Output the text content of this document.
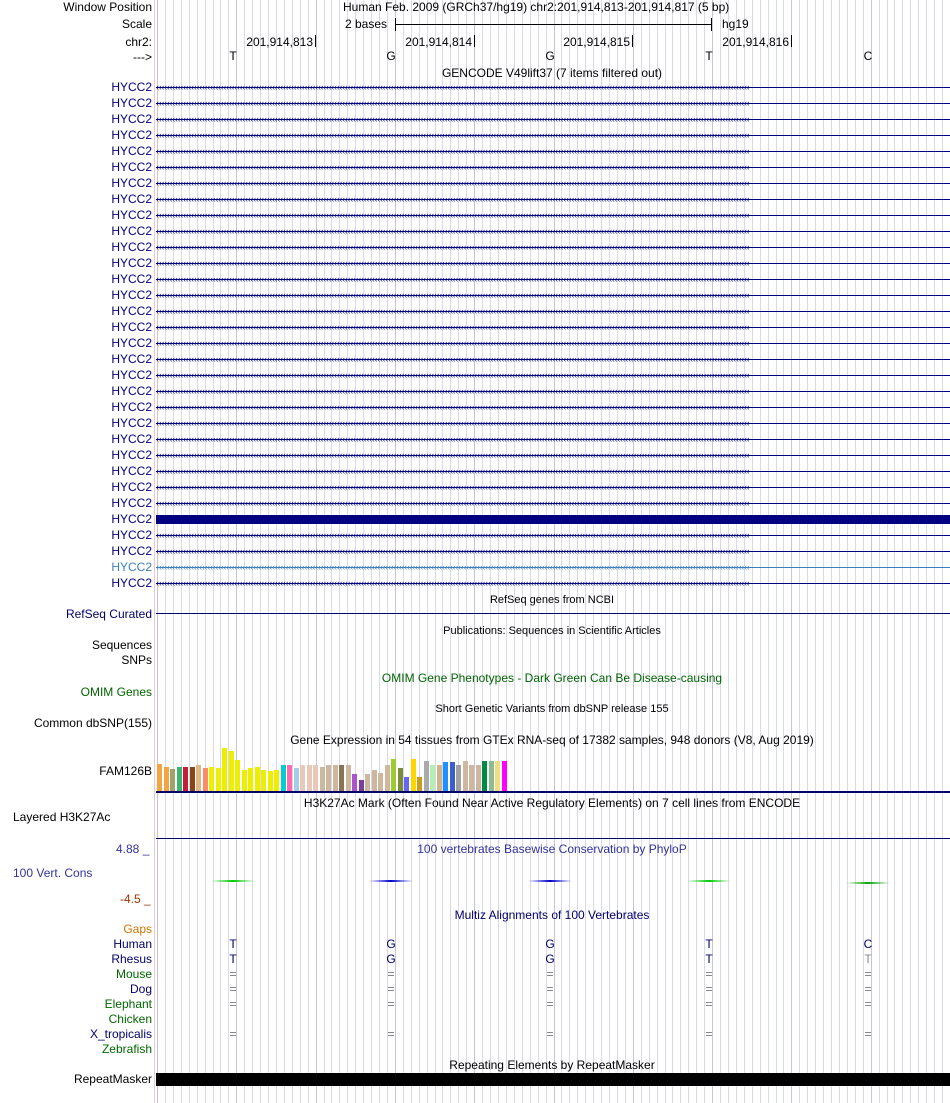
Window Position	Human Feb. 2009 (GRCh37/hg19) chr2:201,914,813-201,914,817 (5 bp)
Scale	2 bases	hg19
chr2:	201,914,813	201,914,814	201,914,815	201,914,816
--->	T	G	G	T	C
GENCODE V49lift37 (7 items filtered out)
HYCC2 ‹‹‹‹‹‹‹‹‹‹‹‹‹‹‹‹‹‹‹‹‹‹‹‹‹‹‹‹‹‹‹‹‹‹‹‹‹‹‹‹‹‹‹‹‹‹‹‹‹‹‹‹‹‹‹‹‹‹‹‹‹‹‹‹‹‹‹‹‹‹‹‹‹‹‹‹‹‹‹‹‹‹‹‹‹‹‹‹‹‹‹‹‹‹‹‹‹‹‹‹‹‹‹‹‹‹‹‹‹‹‹‹‹‹‹‹‹‹‹‹‹‹‹‹‹‹‹‹‹‹‹‹‹‹‹‹‹‹‹‹‹‹‹‹‹‹‹‹‹‹‹‹‹‹‹‹‹‹‹‹‹‹‹‹‹‹‹‹‹‹‹‹‹‹‹‹‹‹‹‹‹‹‹‹‹‹‹‹‹‹‹‹‹‹‹‹‹‹‹‹‹‹‹‹‹‹‹‹‹‹‹‹‹‹‹‹‹‹‹‹
HYCC2 ‹‹‹‹‹‹‹‹‹‹‹‹‹‹‹‹‹‹‹‹‹‹‹‹‹‹‹‹‹‹‹‹‹‹‹‹‹‹‹‹‹‹‹‹‹‹‹‹‹‹‹‹‹‹‹‹‹‹‹‹‹‹‹‹‹‹‹‹‹‹‹‹‹‹‹‹‹‹‹‹‹‹‹‹‹‹‹‹‹‹‹‹‹‹‹‹‹‹‹‹‹‹‹‹‹‹‹‹‹‹‹‹‹‹‹‹‹‹‹‹‹‹‹‹‹‹‹‹‹‹‹‹‹‹‹‹‹‹‹‹‹‹‹‹‹‹‹‹‹‹‹‹‹‹‹‹‹‹‹‹‹‹‹‹‹‹‹‹‹‹‹‹‹‹‹‹‹‹‹‹‹‹‹‹‹‹‹‹‹‹‹‹‹‹‹‹‹‹‹‹‹‹‹‹‹‹‹‹‹‹‹‹‹‹‹‹‹‹‹‹
HYCC2 ‹‹‹‹‹‹‹‹‹‹‹‹‹‹‹‹‹‹‹‹‹‹‹‹‹‹‹‹‹‹‹‹‹‹‹‹‹‹‹‹‹‹‹‹‹‹‹‹‹‹‹‹‹‹‹‹‹‹‹‹‹‹‹‹‹‹‹‹‹‹‹‹‹‹‹‹‹‹‹‹‹‹‹‹‹‹‹‹‹‹‹‹‹‹‹‹‹‹‹‹‹‹‹‹‹‹‹‹‹‹‹‹‹‹‹‹‹‹‹‹‹‹‹‹‹‹‹‹‹‹‹‹‹‹‹‹‹‹‹‹‹‹‹‹‹‹‹‹‹‹‹‹‹‹‹‹‹‹‹‹‹‹‹‹‹‹‹‹‹‹‹‹‹‹‹‹‹‹‹‹‹‹‹‹‹‹‹‹‹‹‹‹‹‹‹‹‹‹‹‹‹‹‹‹‹‹‹‹‹‹‹‹‹‹‹‹‹‹‹‹
HYCC2 ‹‹‹‹‹‹‹‹‹‹‹‹‹‹‹‹‹‹‹‹‹‹‹‹‹‹‹‹‹‹‹‹‹‹‹‹‹‹‹‹‹‹‹‹‹‹‹‹‹‹‹‹‹‹‹‹‹‹‹‹‹‹‹‹‹‹‹‹‹‹‹‹‹‹‹‹‹‹‹‹‹‹‹‹‹‹‹‹‹‹‹‹‹‹‹‹‹‹‹‹‹‹‹‹‹‹‹‹‹‹‹‹‹‹‹‹‹‹‹‹‹‹‹‹‹‹‹‹‹‹‹‹‹‹‹‹‹‹‹‹‹‹‹‹‹‹‹‹‹‹‹‹‹‹‹‹‹‹‹‹‹‹‹‹‹‹‹‹‹‹‹‹‹‹‹‹‹‹‹‹‹‹‹‹‹‹‹‹‹‹‹‹‹‹‹‹‹‹‹‹‹‹‹‹‹‹‹‹‹‹‹‹‹‹‹‹‹‹‹‹
HYCC2 ‹‹‹‹‹‹‹‹‹‹‹‹‹‹‹‹‹‹‹‹‹‹‹‹‹‹‹‹‹‹‹‹‹‹‹‹‹‹‹‹‹‹‹‹‹‹‹‹‹‹‹‹‹‹‹‹‹‹‹‹‹‹‹‹‹‹‹‹‹‹‹‹‹‹‹‹‹‹‹‹‹‹‹‹‹‹‹‹‹‹‹‹‹‹‹‹‹‹‹‹‹‹‹‹‹‹‹‹‹‹‹‹‹‹‹‹‹‹‹‹‹‹‹‹‹‹‹‹‹‹‹‹‹‹‹‹‹‹‹‹‹‹‹‹‹‹‹‹‹‹‹‹‹‹‹‹‹‹‹‹‹‹‹‹‹‹‹‹‹‹‹‹‹‹‹‹‹‹‹‹‹‹‹‹‹‹‹‹‹‹‹‹‹‹‹‹‹‹‹‹‹‹‹‹‹‹‹‹‹‹‹‹‹‹‹‹‹‹‹‹
HYCC2 ‹‹‹‹‹‹‹‹‹‹‹‹‹‹‹‹‹‹‹‹‹‹‹‹‹‹‹‹‹‹‹‹‹‹‹‹‹‹‹‹‹‹‹‹‹‹‹‹‹‹‹‹‹‹‹‹‹‹‹‹‹‹‹‹‹‹‹‹‹‹‹‹‹‹‹‹‹‹‹‹‹‹‹‹‹‹‹‹‹‹‹‹‹‹‹‹‹‹‹‹‹‹‹‹‹‹‹‹‹‹‹‹‹‹‹‹‹‹‹‹‹‹‹‹‹‹‹‹‹‹‹‹‹‹‹‹‹‹‹‹‹‹‹‹‹‹‹‹‹‹‹‹‹‹‹‹‹‹‹‹‹‹‹‹‹‹‹‹‹‹‹‹‹‹‹‹‹‹‹‹‹‹‹‹‹‹‹‹‹‹‹‹‹‹‹‹‹‹‹‹‹‹‹‹‹‹‹‹‹‹‹‹‹‹‹‹‹‹‹‹
HYCC2 ‹‹‹‹‹‹‹‹‹‹‹‹‹‹‹‹‹‹‹‹‹‹‹‹‹‹‹‹‹‹‹‹‹‹‹‹‹‹‹‹‹‹‹‹‹‹‹‹‹‹‹‹‹‹‹‹‹‹‹‹‹‹‹‹‹‹‹‹‹‹‹‹‹‹‹‹‹‹‹‹‹‹‹‹‹‹‹‹‹‹‹‹‹‹‹‹‹‹‹‹‹‹‹‹‹‹‹‹‹‹‹‹‹‹‹‹‹‹‹‹‹‹‹‹‹‹‹‹‹‹‹‹‹‹‹‹‹‹‹‹‹‹‹‹‹‹‹‹‹‹‹‹‹‹‹‹‹‹‹‹‹‹‹‹‹‹‹‹‹‹‹‹‹‹‹‹‹‹‹‹‹‹‹‹‹‹‹‹‹‹‹‹‹‹‹‹‹‹‹‹‹‹‹‹‹‹‹‹‹‹‹‹‹‹‹‹‹‹‹‹
HYCC2 ‹‹‹‹‹‹‹‹‹‹‹‹‹‹‹‹‹‹‹‹‹‹‹‹‹‹‹‹‹‹‹‹‹‹‹‹‹‹‹‹‹‹‹‹‹‹‹‹‹‹‹‹‹‹‹‹‹‹‹‹‹‹‹‹‹‹‹‹‹‹‹‹‹‹‹‹‹‹‹‹‹‹‹‹‹‹‹‹‹‹‹‹‹‹‹‹‹‹‹‹‹‹‹‹‹‹‹‹‹‹‹‹‹‹‹‹‹‹‹‹‹‹‹‹‹‹‹‹‹‹‹‹‹‹‹‹‹‹‹‹‹‹‹‹‹‹‹‹‹‹‹‹‹‹‹‹‹‹‹‹‹‹‹‹‹‹‹‹‹‹‹‹‹‹‹‹‹‹‹‹‹‹‹‹‹‹‹‹‹‹‹‹‹‹‹‹‹‹‹‹‹‹‹‹‹‹‹‹‹‹‹‹‹‹‹‹‹‹‹‹
HYCC2 ‹‹‹‹‹‹‹‹‹‹‹‹‹‹‹‹‹‹‹‹‹‹‹‹‹‹‹‹‹‹‹‹‹‹‹‹‹‹‹‹‹‹‹‹‹‹‹‹‹‹‹‹‹‹‹‹‹‹‹‹‹‹‹‹‹‹‹‹‹‹‹‹‹‹‹‹‹‹‹‹‹‹‹‹‹‹‹‹‹‹‹‹‹‹‹‹‹‹‹‹‹‹‹‹‹‹‹‹‹‹‹‹‹‹‹‹‹‹‹‹‹‹‹‹‹‹‹‹‹‹‹‹‹‹‹‹‹‹‹‹‹‹‹‹‹‹‹‹‹‹‹‹‹‹‹‹‹‹‹‹‹‹‹‹‹‹‹‹‹‹‹‹‹‹‹‹‹‹‹‹‹‹‹‹‹‹‹‹‹‹‹‹‹‹‹‹‹‹‹‹‹‹‹‹‹‹‹‹‹‹‹‹‹‹‹‹‹‹‹‹
HYCC2 ‹‹‹‹‹‹‹‹‹‹‹‹‹‹‹‹‹‹‹‹‹‹‹‹‹‹‹‹‹‹‹‹‹‹‹‹‹‹‹‹‹‹‹‹‹‹‹‹‹‹‹‹‹‹‹‹‹‹‹‹‹‹‹‹‹‹‹‹‹‹‹‹‹‹‹‹‹‹‹‹‹‹‹‹‹‹‹‹‹‹‹‹‹‹‹‹‹‹‹‹‹‹‹‹‹‹‹‹‹‹‹‹‹‹‹‹‹‹‹‹‹‹‹‹‹‹‹‹‹‹‹‹‹‹‹‹‹‹‹‹‹‹‹‹‹‹‹‹‹‹‹‹‹‹‹‹‹‹‹‹‹‹‹‹‹‹‹‹‹‹‹‹‹‹‹‹‹‹‹‹‹‹‹‹‹‹‹‹‹‹‹‹‹‹‹‹‹‹‹‹‹‹‹‹‹‹‹‹‹‹‹‹‹‹‹‹‹‹‹‹
HYCC2 ‹‹‹‹‹‹‹‹‹‹‹‹‹‹‹‹‹‹‹‹‹‹‹‹‹‹‹‹‹‹‹‹‹‹‹‹‹‹‹‹‹‹‹‹‹‹‹‹‹‹‹‹‹‹‹‹‹‹‹‹‹‹‹‹‹‹‹‹‹‹‹‹‹‹‹‹‹‹‹‹‹‹‹‹‹‹‹‹‹‹‹‹‹‹‹‹‹‹‹‹‹‹‹‹‹‹‹‹‹‹‹‹‹‹‹‹‹‹‹‹‹‹‹‹‹‹‹‹‹‹‹‹‹‹‹‹‹‹‹‹‹‹‹‹‹‹‹‹‹‹‹‹‹‹‹‹‹‹‹‹‹‹‹‹‹‹‹‹‹‹‹‹‹‹‹‹‹‹‹‹‹‹‹‹‹‹‹‹‹‹‹‹‹‹‹‹‹‹‹‹‹‹‹‹‹‹‹‹‹‹‹‹‹‹‹‹‹‹‹‹
HYCC2 ‹‹‹‹‹‹‹‹‹‹‹‹‹‹‹‹‹‹‹‹‹‹‹‹‹‹‹‹‹‹‹‹‹‹‹‹‹‹‹‹‹‹‹‹‹‹‹‹‹‹‹‹‹‹‹‹‹‹‹‹‹‹‹‹‹‹‹‹‹‹‹‹‹‹‹‹‹‹‹‹‹‹‹‹‹‹‹‹‹‹‹‹‹‹‹‹‹‹‹‹‹‹‹‹‹‹‹‹‹‹‹‹‹‹‹‹‹‹‹‹‹‹‹‹‹‹‹‹‹‹‹‹‹‹‹‹‹‹‹‹‹‹‹‹‹‹‹‹‹‹‹‹‹‹‹‹‹‹‹‹‹‹‹‹‹‹‹‹‹‹‹‹‹‹‹‹‹‹‹‹‹‹‹‹‹‹‹‹‹‹‹‹‹‹‹‹‹‹‹‹‹‹‹‹‹‹‹‹‹‹‹‹‹‹‹‹‹‹‹‹
HYCC2 ‹‹‹‹‹‹‹‹‹‹‹‹‹‹‹‹‹‹‹‹‹‹‹‹‹‹‹‹‹‹‹‹‹‹‹‹‹‹‹‹‹‹‹‹‹‹‹‹‹‹‹‹‹‹‹‹‹‹‹‹‹‹‹‹‹‹‹‹‹‹‹‹‹‹‹‹‹‹‹‹‹‹‹‹‹‹‹‹‹‹‹‹‹‹‹‹‹‹‹‹‹‹‹‹‹‹‹‹‹‹‹‹‹‹‹‹‹‹‹‹‹‹‹‹‹‹‹‹‹‹‹‹‹‹‹‹‹‹‹‹‹‹‹‹‹‹‹‹‹‹‹‹‹‹‹‹‹‹‹‹‹‹‹‹‹‹‹‹‹‹‹‹‹‹‹‹‹‹‹‹‹‹‹‹‹‹‹‹‹‹‹‹‹‹‹‹‹‹‹‹‹‹‹‹‹‹‹‹‹‹‹‹‹‹‹‹‹‹‹‹
HYCC2 ‹‹‹‹‹‹‹‹‹‹‹‹‹‹‹‹‹‹‹‹‹‹‹‹‹‹‹‹‹‹‹‹‹‹‹‹‹‹‹‹‹‹‹‹‹‹‹‹‹‹‹‹‹‹‹‹‹‹‹‹‹‹‹‹‹‹‹‹‹‹‹‹‹‹‹‹‹‹‹‹‹‹‹‹‹‹‹‹‹‹‹‹‹‹‹‹‹‹‹‹‹‹‹‹‹‹‹‹‹‹‹‹‹‹‹‹‹‹‹‹‹‹‹‹‹‹‹‹‹‹‹‹‹‹‹‹‹‹‹‹‹‹‹‹‹‹‹‹‹‹‹‹‹‹‹‹‹‹‹‹‹‹‹‹‹‹‹‹‹‹‹‹‹‹‹‹‹‹‹‹‹‹‹‹‹‹‹‹‹‹‹‹‹‹‹‹‹‹‹‹‹‹‹‹‹‹‹‹‹‹‹‹‹‹‹‹‹‹‹‹
HYCC2 ‹‹‹‹‹‹‹‹‹‹‹‹‹‹‹‹‹‹‹‹‹‹‹‹‹‹‹‹‹‹‹‹‹‹‹‹‹‹‹‹‹‹‹‹‹‹‹‹‹‹‹‹‹‹‹‹‹‹‹‹‹‹‹‹‹‹‹‹‹‹‹‹‹‹‹‹‹‹‹‹‹‹‹‹‹‹‹‹‹‹‹‹‹‹‹‹‹‹‹‹‹‹‹‹‹‹‹‹‹‹‹‹‹‹‹‹‹‹‹‹‹‹‹‹‹‹‹‹‹‹‹‹‹‹‹‹‹‹‹‹‹‹‹‹‹‹‹‹‹‹‹‹‹‹‹‹‹‹‹‹‹‹‹‹‹‹‹‹‹‹‹‹‹‹‹‹‹‹‹‹‹‹‹‹‹‹‹‹‹‹‹‹‹‹‹‹‹‹‹‹‹‹‹‹‹‹‹‹‹‹‹‹‹‹‹‹‹‹‹‹
HYCC2 ‹‹‹‹‹‹‹‹‹‹‹‹‹‹‹‹‹‹‹‹‹‹‹‹‹‹‹‹‹‹‹‹‹‹‹‹‹‹‹‹‹‹‹‹‹‹‹‹‹‹‹‹‹‹‹‹‹‹‹‹‹‹‹‹‹‹‹‹‹‹‹‹‹‹‹‹‹‹‹‹‹‹‹‹‹‹‹‹‹‹‹‹‹‹‹‹‹‹‹‹‹‹‹‹‹‹‹‹‹‹‹‹‹‹‹‹‹‹‹‹‹‹‹‹‹‹‹‹‹‹‹‹‹‹‹‹‹‹‹‹‹‹‹‹‹‹‹‹‹‹‹‹‹‹‹‹‹‹‹‹‹‹‹‹‹‹‹‹‹‹‹‹‹‹‹‹‹‹‹‹‹‹‹‹‹‹‹‹‹‹‹‹‹‹‹‹‹‹‹‹‹‹‹‹‹‹‹‹‹‹‹‹‹‹‹‹‹‹‹‹
HYCC2 ‹‹‹‹‹‹‹‹‹‹‹‹‹‹‹‹‹‹‹‹‹‹‹‹‹‹‹‹‹‹‹‹‹‹‹‹‹‹‹‹‹‹‹‹‹‹‹‹‹‹‹‹‹‹‹‹‹‹‹‹‹‹‹‹‹‹‹‹‹‹‹‹‹‹‹‹‹‹‹‹‹‹‹‹‹‹‹‹‹‹‹‹‹‹‹‹‹‹‹‹‹‹‹‹‹‹‹‹‹‹‹‹‹‹‹‹‹‹‹‹‹‹‹‹‹‹‹‹‹‹‹‹‹‹‹‹‹‹‹‹‹‹‹‹‹‹‹‹‹‹‹‹‹‹‹‹‹‹‹‹‹‹‹‹‹‹‹‹‹‹‹‹‹‹‹‹‹‹‹‹‹‹‹‹‹‹‹‹‹‹‹‹‹‹‹‹‹‹‹‹‹‹‹‹‹‹‹‹‹‹‹‹‹‹‹‹‹‹‹‹
HYCC2 ‹‹‹‹‹‹‹‹‹‹‹‹‹‹‹‹‹‹‹‹‹‹‹‹‹‹‹‹‹‹‹‹‹‹‹‹‹‹‹‹‹‹‹‹‹‹‹‹‹‹‹‹‹‹‹‹‹‹‹‹‹‹‹‹‹‹‹‹‹‹‹‹‹‹‹‹‹‹‹‹‹‹‹‹‹‹‹‹‹‹‹‹‹‹‹‹‹‹‹‹‹‹‹‹‹‹‹‹‹‹‹‹‹‹‹‹‹‹‹‹‹‹‹‹‹‹‹‹‹‹‹‹‹‹‹‹‹‹‹‹‹‹‹‹‹‹‹‹‹‹‹‹‹‹‹‹‹‹‹‹‹‹‹‹‹‹‹‹‹‹‹‹‹‹‹‹‹‹‹‹‹‹‹‹‹‹‹‹‹‹‹‹‹‹‹‹‹‹‹‹‹‹‹‹‹‹‹‹‹‹‹‹‹‹‹‹‹‹‹‹
HYCC2 ‹‹‹‹‹‹‹‹‹‹‹‹‹‹‹‹‹‹‹‹‹‹‹‹‹‹‹‹‹‹‹‹‹‹‹‹‹‹‹‹‹‹‹‹‹‹‹‹‹‹‹‹‹‹‹‹‹‹‹‹‹‹‹‹‹‹‹‹‹‹‹‹‹‹‹‹‹‹‹‹‹‹‹‹‹‹‹‹‹‹‹‹‹‹‹‹‹‹‹‹‹‹‹‹‹‹‹‹‹‹‹‹‹‹‹‹‹‹‹‹‹‹‹‹‹‹‹‹‹‹‹‹‹‹‹‹‹‹‹‹‹‹‹‹‹‹‹‹‹‹‹‹‹‹‹‹‹‹‹‹‹‹‹‹‹‹‹‹‹‹‹‹‹‹‹‹‹‹‹‹‹‹‹‹‹‹‹‹‹‹‹‹‹‹‹‹‹‹‹‹‹‹‹‹‹‹‹‹‹‹‹‹‹‹‹‹‹‹‹‹
HYCC2 ‹‹‹‹‹‹‹‹‹‹‹‹‹‹‹‹‹‹‹‹‹‹‹‹‹‹‹‹‹‹‹‹‹‹‹‹‹‹‹‹‹‹‹‹‹‹‹‹‹‹‹‹‹‹‹‹‹‹‹‹‹‹‹‹‹‹‹‹‹‹‹‹‹‹‹‹‹‹‹‹‹‹‹‹‹‹‹‹‹‹‹‹‹‹‹‹‹‹‹‹‹‹‹‹‹‹‹‹‹‹‹‹‹‹‹‹‹‹‹‹‹‹‹‹‹‹‹‹‹‹‹‹‹‹‹‹‹‹‹‹‹‹‹‹‹‹‹‹‹‹‹‹‹‹‹‹‹‹‹‹‹‹‹‹‹‹‹‹‹‹‹‹‹‹‹‹‹‹‹‹‹‹‹‹‹‹‹‹‹‹‹‹‹‹‹‹‹‹‹‹‹‹‹‹‹‹‹‹‹‹‹‹‹‹‹‹‹‹‹‹
HYCC2 ‹‹‹‹‹‹‹‹‹‹‹‹‹‹‹‹‹‹‹‹‹‹‹‹‹‹‹‹‹‹‹‹‹‹‹‹‹‹‹‹‹‹‹‹‹‹‹‹‹‹‹‹‹‹‹‹‹‹‹‹‹‹‹‹‹‹‹‹‹‹‹‹‹‹‹‹‹‹‹‹‹‹‹‹‹‹‹‹‹‹‹‹‹‹‹‹‹‹‹‹‹‹‹‹‹‹‹‹‹‹‹‹‹‹‹‹‹‹‹‹‹‹‹‹‹‹‹‹‹‹‹‹‹‹‹‹‹‹‹‹‹‹‹‹‹‹‹‹‹‹‹‹‹‹‹‹‹‹‹‹‹‹‹‹‹‹‹‹‹‹‹‹‹‹‹‹‹‹‹‹‹‹‹‹‹‹‹‹‹‹‹‹‹‹‹‹‹‹‹‹‹‹‹‹‹‹‹‹‹‹‹‹‹‹‹‹‹‹‹‹
HYCC2 ‹‹‹‹‹‹‹‹‹‹‹‹‹‹‹‹‹‹‹‹‹‹‹‹‹‹‹‹‹‹‹‹‹‹‹‹‹‹‹‹‹‹‹‹‹‹‹‹‹‹‹‹‹‹‹‹‹‹‹‹‹‹‹‹‹‹‹‹‹‹‹‹‹‹‹‹‹‹‹‹‹‹‹‹‹‹‹‹‹‹‹‹‹‹‹‹‹‹‹‹‹‹‹‹‹‹‹‹‹‹‹‹‹‹‹‹‹‹‹‹‹‹‹‹‹‹‹‹‹‹‹‹‹‹‹‹‹‹‹‹‹‹‹‹‹‹‹‹‹‹‹‹‹‹‹‹‹‹‹‹‹‹‹‹‹‹‹‹‹‹‹‹‹‹‹‹‹‹‹‹‹‹‹‹‹‹‹‹‹‹‹‹‹‹‹‹‹‹‹‹‹‹‹‹‹‹‹‹‹‹‹‹‹‹‹‹‹‹‹‹
HYCC2 ‹‹‹‹‹‹‹‹‹‹‹‹‹‹‹‹‹‹‹‹‹‹‹‹‹‹‹‹‹‹‹‹‹‹‹‹‹‹‹‹‹‹‹‹‹‹‹‹‹‹‹‹‹‹‹‹‹‹‹‹‹‹‹‹‹‹‹‹‹‹‹‹‹‹‹‹‹‹‹‹‹‹‹‹‹‹‹‹‹‹‹‹‹‹‹‹‹‹‹‹‹‹‹‹‹‹‹‹‹‹‹‹‹‹‹‹‹‹‹‹‹‹‹‹‹‹‹‹‹‹‹‹‹‹‹‹‹‹‹‹‹‹‹‹‹‹‹‹‹‹‹‹‹‹‹‹‹‹‹‹‹‹‹‹‹‹‹‹‹‹‹‹‹‹‹‹‹‹‹‹‹‹‹‹‹‹‹‹‹‹‹‹‹‹‹‹‹‹‹‹‹‹‹‹‹‹‹‹‹‹‹‹‹‹‹‹‹‹‹‹
HYCC2 ‹‹‹‹‹‹‹‹‹‹‹‹‹‹‹‹‹‹‹‹‹‹‹‹‹‹‹‹‹‹‹‹‹‹‹‹‹‹‹‹‹‹‹‹‹‹‹‹‹‹‹‹‹‹‹‹‹‹‹‹‹‹‹‹‹‹‹‹‹‹‹‹‹‹‹‹‹‹‹‹‹‹‹‹‹‹‹‹‹‹‹‹‹‹‹‹‹‹‹‹‹‹‹‹‹‹‹‹‹‹‹‹‹‹‹‹‹‹‹‹‹‹‹‹‹‹‹‹‹‹‹‹‹‹‹‹‹‹‹‹‹‹‹‹‹‹‹‹‹‹‹‹‹‹‹‹‹‹‹‹‹‹‹‹‹‹‹‹‹‹‹‹‹‹‹‹‹‹‹‹‹‹‹‹‹‹‹‹‹‹‹‹‹‹‹‹‹‹‹‹‹‹‹‹‹‹‹‹‹‹‹‹‹‹‹‹‹‹‹‹
HYCC2 ‹‹‹‹‹‹‹‹‹‹‹‹‹‹‹‹‹‹‹‹‹‹‹‹‹‹‹‹‹‹‹‹‹‹‹‹‹‹‹‹‹‹‹‹‹‹‹‹‹‹‹‹‹‹‹‹‹‹‹‹‹‹‹‹‹‹‹‹‹‹‹‹‹‹‹‹‹‹‹‹‹‹‹‹‹‹‹‹‹‹‹‹‹‹‹‹‹‹‹‹‹‹‹‹‹‹‹‹‹‹‹‹‹‹‹‹‹‹‹‹‹‹‹‹‹‹‹‹‹‹‹‹‹‹‹‹‹‹‹‹‹‹‹‹‹‹‹‹‹‹‹‹‹‹‹‹‹‹‹‹‹‹‹‹‹‹‹‹‹‹‹‹‹‹‹‹‹‹‹‹‹‹‹‹‹‹‹‹‹‹‹‹‹‹‹‹‹‹‹‹‹‹‹‹‹‹‹‹‹‹‹‹‹‹‹‹‹‹‹‹
HYCC2 ‹‹‹‹‹‹‹‹‹‹‹‹‹‹‹‹‹‹‹‹‹‹‹‹‹‹‹‹‹‹‹‹‹‹‹‹‹‹‹‹‹‹‹‹‹‹‹‹‹‹‹‹‹‹‹‹‹‹‹‹‹‹‹‹‹‹‹‹‹‹‹‹‹‹‹‹‹‹‹‹‹‹‹‹‹‹‹‹‹‹‹‹‹‹‹‹‹‹‹‹‹‹‹‹‹‹‹‹‹‹‹‹‹‹‹‹‹‹‹‹‹‹‹‹‹‹‹‹‹‹‹‹‹‹‹‹‹‹‹‹‹‹‹‹‹‹‹‹‹‹‹‹‹‹‹‹‹‹‹‹‹‹‹‹‹‹‹‹‹‹‹‹‹‹‹‹‹‹‹‹‹‹‹‹‹‹‹‹‹‹‹‹‹‹‹‹‹‹‹‹‹‹‹‹‹‹‹‹‹‹‹‹‹‹‹‹‹‹‹‹
HYCC2 ‹‹‹‹‹‹‹‹‹‹‹‹‹‹‹‹‹‹‹‹‹‹‹‹‹‹‹‹‹‹‹‹‹‹‹‹‹‹‹‹‹‹‹‹‹‹‹‹‹‹‹‹‹‹‹‹‹‹‹‹‹‹‹‹‹‹‹‹‹‹‹‹‹‹‹‹‹‹‹‹‹‹‹‹‹‹‹‹‹‹‹‹‹‹‹‹‹‹‹‹‹‹‹‹‹‹‹‹‹‹‹‹‹‹‹‹‹‹‹‹‹‹‹‹‹‹‹‹‹‹‹‹‹‹‹‹‹‹‹‹‹‹‹‹‹‹‹‹‹‹‹‹‹‹‹‹‹‹‹‹‹‹‹‹‹‹‹‹‹‹‹‹‹‹‹‹‹‹‹‹‹‹‹‹‹‹‹‹‹‹‹‹‹‹‹‹‹‹‹‹‹‹‹‹‹‹‹‹‹‹‹‹‹‹‹‹‹‹‹‹
HYCC2
HYCC2 ‹‹‹‹‹‹‹‹‹‹‹‹‹‹‹‹‹‹‹‹‹‹‹‹‹‹‹‹‹‹‹‹‹‹‹‹‹‹‹‹‹‹‹‹‹‹‹‹‹‹‹‹‹‹‹‹‹‹‹‹‹‹‹‹‹‹‹‹‹‹‹‹‹‹‹‹‹‹‹‹‹‹‹‹‹‹‹‹‹‹‹‹‹‹‹‹‹‹‹‹‹‹‹‹‹‹‹‹‹‹‹‹‹‹‹‹‹‹‹‹‹‹‹‹‹‹‹‹‹‹‹‹‹‹‹‹‹‹‹‹‹‹‹‹‹‹‹‹‹‹‹‹‹‹‹‹‹‹‹‹‹‹‹‹‹‹‹‹‹‹‹‹‹‹‹‹‹‹‹‹‹‹‹‹‹‹‹‹‹‹‹‹‹‹‹‹‹‹‹‹‹‹‹‹‹‹‹‹‹‹‹‹‹‹‹‹‹‹‹‹
HYCC2 ‹‹‹‹‹‹‹‹‹‹‹‹‹‹‹‹‹‹‹‹‹‹‹‹‹‹‹‹‹‹‹‹‹‹‹‹‹‹‹‹‹‹‹‹‹‹‹‹‹‹‹‹‹‹‹‹‹‹‹‹‹‹‹‹‹‹‹‹‹‹‹‹‹‹‹‹‹‹‹‹‹‹‹‹‹‹‹‹‹‹‹‹‹‹‹‹‹‹‹‹‹‹‹‹‹‹‹‹‹‹‹‹‹‹‹‹‹‹‹‹‹‹‹‹‹‹‹‹‹‹‹‹‹‹‹‹‹‹‹‹‹‹‹‹‹‹‹‹‹‹‹‹‹‹‹‹‹‹‹‹‹‹‹‹‹‹‹‹‹‹‹‹‹‹‹‹‹‹‹‹‹‹‹‹‹‹‹‹‹‹‹‹‹‹‹‹‹‹‹‹‹‹‹‹‹‹‹‹‹‹‹‹‹‹‹‹‹‹‹‹
HYCC2 ‹‹‹‹‹‹‹‹‹‹‹‹‹‹‹‹‹‹‹‹‹‹‹‹‹‹‹‹‹‹‹‹‹‹‹‹‹‹‹‹‹‹‹‹‹‹‹‹‹‹‹‹‹‹‹‹‹‹‹‹‹‹‹‹‹‹‹‹‹‹‹‹‹‹‹‹‹‹‹‹‹‹‹‹‹‹‹‹‹‹‹‹‹‹‹‹‹‹‹‹‹‹‹‹‹‹‹‹‹‹‹‹‹‹‹‹‹‹‹‹‹‹‹‹‹‹‹‹‹‹‹‹‹‹‹‹‹‹‹‹‹‹‹‹‹‹‹‹‹‹‹‹‹‹‹‹‹‹‹‹‹‹‹‹‹‹‹‹‹‹‹‹‹‹‹‹‹‹‹‹‹‹‹‹‹‹‹‹‹‹‹‹‹‹‹‹‹‹‹‹‹‹‹‹‹‹‹‹‹‹‹‹‹‹‹‹‹‹‹‹
HYCC2 ‹‹‹‹‹‹‹‹‹‹‹‹‹‹‹‹‹‹‹‹‹‹‹‹‹‹‹‹‹‹‹‹‹‹‹‹‹‹‹‹‹‹‹‹‹‹‹‹‹‹‹‹‹‹‹‹‹‹‹‹‹‹‹‹‹‹‹‹‹‹‹‹‹‹‹‹‹‹‹‹‹‹‹‹‹‹‹‹‹‹‹‹‹‹‹‹‹‹‹‹‹‹‹‹‹‹‹‹‹‹‹‹‹‹‹‹‹‹‹‹‹‹‹‹‹‹‹‹‹‹‹‹‹‹‹‹‹‹‹‹‹‹‹‹‹‹‹‹‹‹‹‹‹‹‹‹‹‹‹‹‹‹‹‹‹‹‹‹‹‹‹‹‹‹‹‹‹‹‹‹‹‹‹‹‹‹‹‹‹‹‹‹‹‹‹‹‹‹‹‹‹‹‹‹‹‹‹‹‹‹‹‹‹‹‹‹‹‹‹‹
RefSeq genes from NCBI
RefSeq Curated
Publications: Sequences in Scientific Articles
Sequences
SNPs
OMIM Gene Phenotypes - Dark Green Can Be Disease-causing
OMIM Genes
Short Genetic Variants from dbSNP release 155
Common dbSNP(155)
Gene Expression in 54 tissues from GTEx RNA-seq of 17382 samples, 948 donors (V8, Aug 2019)
FAM126B
H3K27Ac Mark (Often Found Near Active Regulatory Elements) on 7 cell lines from ENCODE
Layered H3K27Ac
100 vertebrates Basewise Conservation by PhyloP
4.88 _
100 Vert. Cons
-4.5 _
Multiz Alignments of 100 Vertebrates
Gaps
Human	T	G	G	T	C
Rhesus	T	G	G	T	T
Mouse	=	=	=	=	=
Dog	=	=	=	=	=
Elephant	=	=	=	=	=
Chicken
X_tropicalis	=	=	=	=	=
Zebrafish
Repeating Elements by RepeatMasker
RepeatMasker
